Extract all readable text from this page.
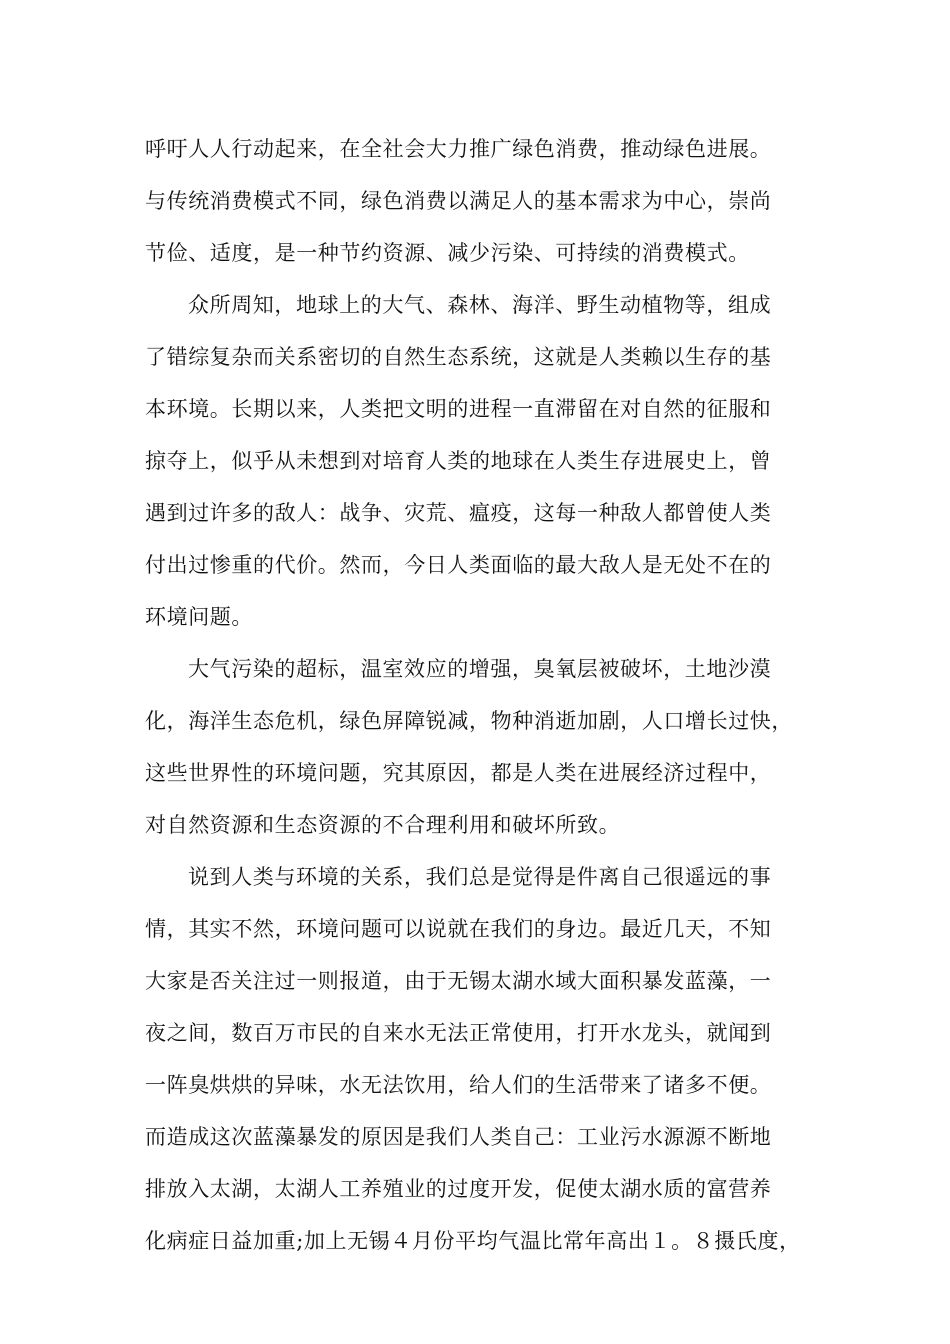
呼吁人人行动起来，在全社会大力推广绿色消费，推动绿色进展。
与传统消费模式不同，绿色消费以满足人的基本需求为中心，崇尚
节俭、适度，是一种节约资源、减少污染、可持续的消费模式。
众所周知，地球上的大气、森林、海洋、野生动植物等，组成
了错综复杂而关系密切的自然生态系统，这就是人类赖以生存的基
本环境。长期以来，人类把文明的进程一直滞留在对自然的征服和
掠夺上，似乎从未想到对培育人类的地球在人类生存进展史上，曾
遇到过许多的敌人：战争、灾荒、瘟疫，这每一种敌人都曾使人类
付出过惨重的代价。然而，今日人类面临的最大敌人是无处不在的
环境问题。
大气污染的超标，温室效应的增强，臭氧层被破坏，土地沙漠
化，海洋生态危机，绿色屏障锐减，物种消逝加剧，人口增长过快，
这些世界性的环境问题，究其原因，都是人类在进展经济过程中，
对自然资源和生态资源的不合理利用和破坏所致。
说到人类与环境的关系，我们总是觉得是件离自己很遥远的事
情，其实不然，环境问题可以说就在我们的身边。最近几天，不知
大家是否关注过一则报道，由于无锡太湖水域大面积暴发蓝藻，一
夜之间，数百万市民的自来水无法正常使用，打开水龙头，就闻到
一阵臭烘烘的异味，水无法饮用，给人们的生活带来了诸多不便。
而造成这次蓝藻暴发的原因是我们人类自己：工业污水源源不断地
排放入太湖，太湖人工养殖业的过度开发，促使太湖水质的富营养
化病症日益加重;加上无锡４月份平均气温比常年高出１。８摄氏度，
